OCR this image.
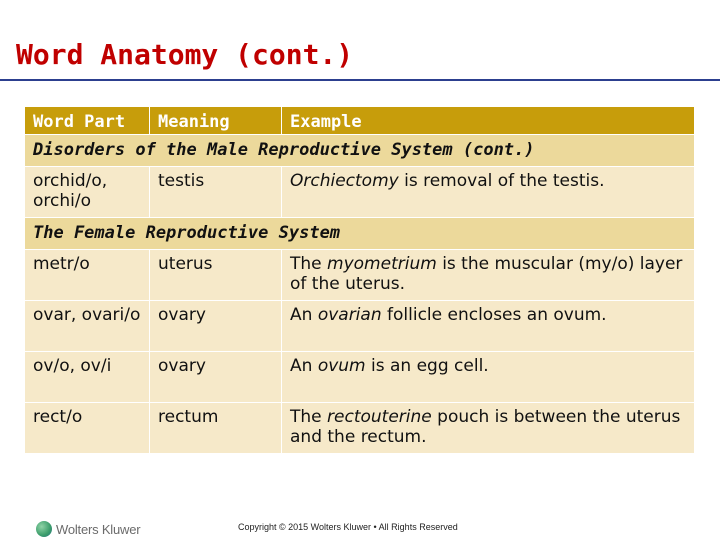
Word Anatomy (cont.)
Word Part	Meaning	Example
Disorders of the Male Reproductive System (cont.)		
orchid/o, orchi/o	testis	Orchiectomy is removal of the testis.
The Female Reproductive System		
metr/o	uterus	The myometrium is the muscular (my/o) layer of the uterus.
ovar, ovari/o	ovary	An ovarian follicle encloses an ovum.
ov/o, ov/i	ovary	An ovum is an egg cell.
rect/o	rectum	The rectouterine pouch is between the uterus and the rectum.
Wolters Kluwer	Copyright © 2015 Wolters Kluwer • All Rights Reserved
